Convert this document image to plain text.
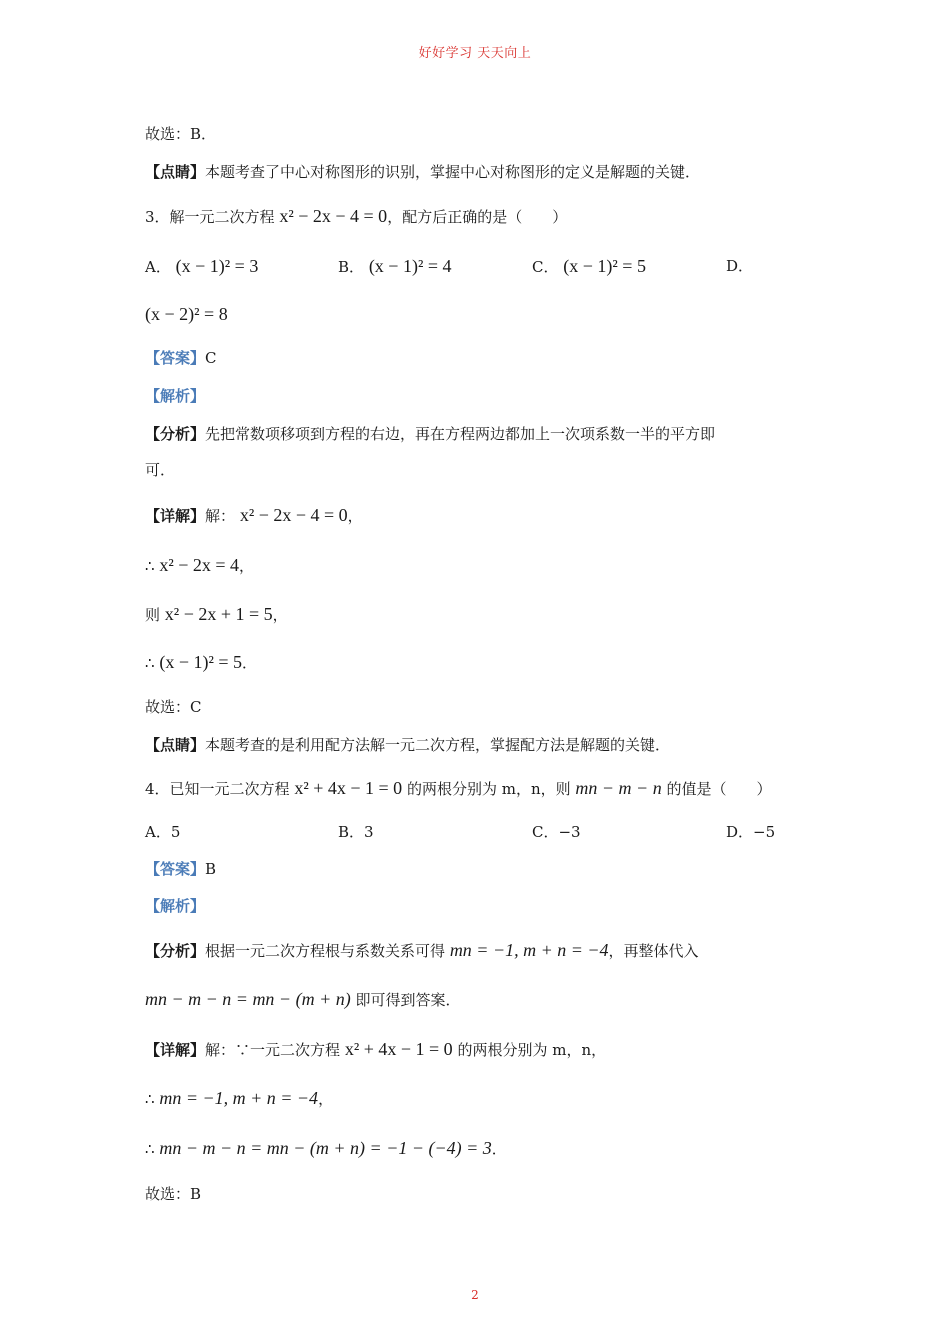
好好学习 天天向上
故选：B．
【点睛】本题考查了中心对称图形的识别，掌握中心对称图形的定义是解题的关键．
3．解一元二次方程 x² − 2x − 4 = 0，配方后正确的是（　　）
A． (x − 1)² = 3	B． (x − 1)² = 4	C． (x − 1)² = 5	D．
(x − 2)² = 8
【答案】C
【解析】
【分析】先把常数项移项到方程的右边，再在方程两边都加上一次项系数一半的平方即
可．
【详解】解： x² − 2x − 4 = 0，
∴ x² − 2x = 4，
则 x² − 2x + 1 = 5，
∴ (x − 1)² = 5．
故选：C
【点睛】本题考查的是利用配方法解一元二次方程，掌握配方法是解题的关键．
4．已知一元二次方程 x² + 4x − 1 = 0 的两根分别为 m，n，则 mn − m − n 的值是（　　）
A．5	B．3	C．−3	D．−5
【答案】B
【解析】
【分析】根据一元二次方程根与系数关系可得 mn = −1, m + n = −4，再整体代入
mn − m − n = mn − (m + n) 即可得到答案．
【详解】解：∵一元二次方程 x² + 4x − 1 = 0 的两根分别为 m，n，
∴ mn = −1, m + n = −4，
∴ mn − m − n = mn − (m + n) = −1 − (−4) = 3．
故选：B
2
